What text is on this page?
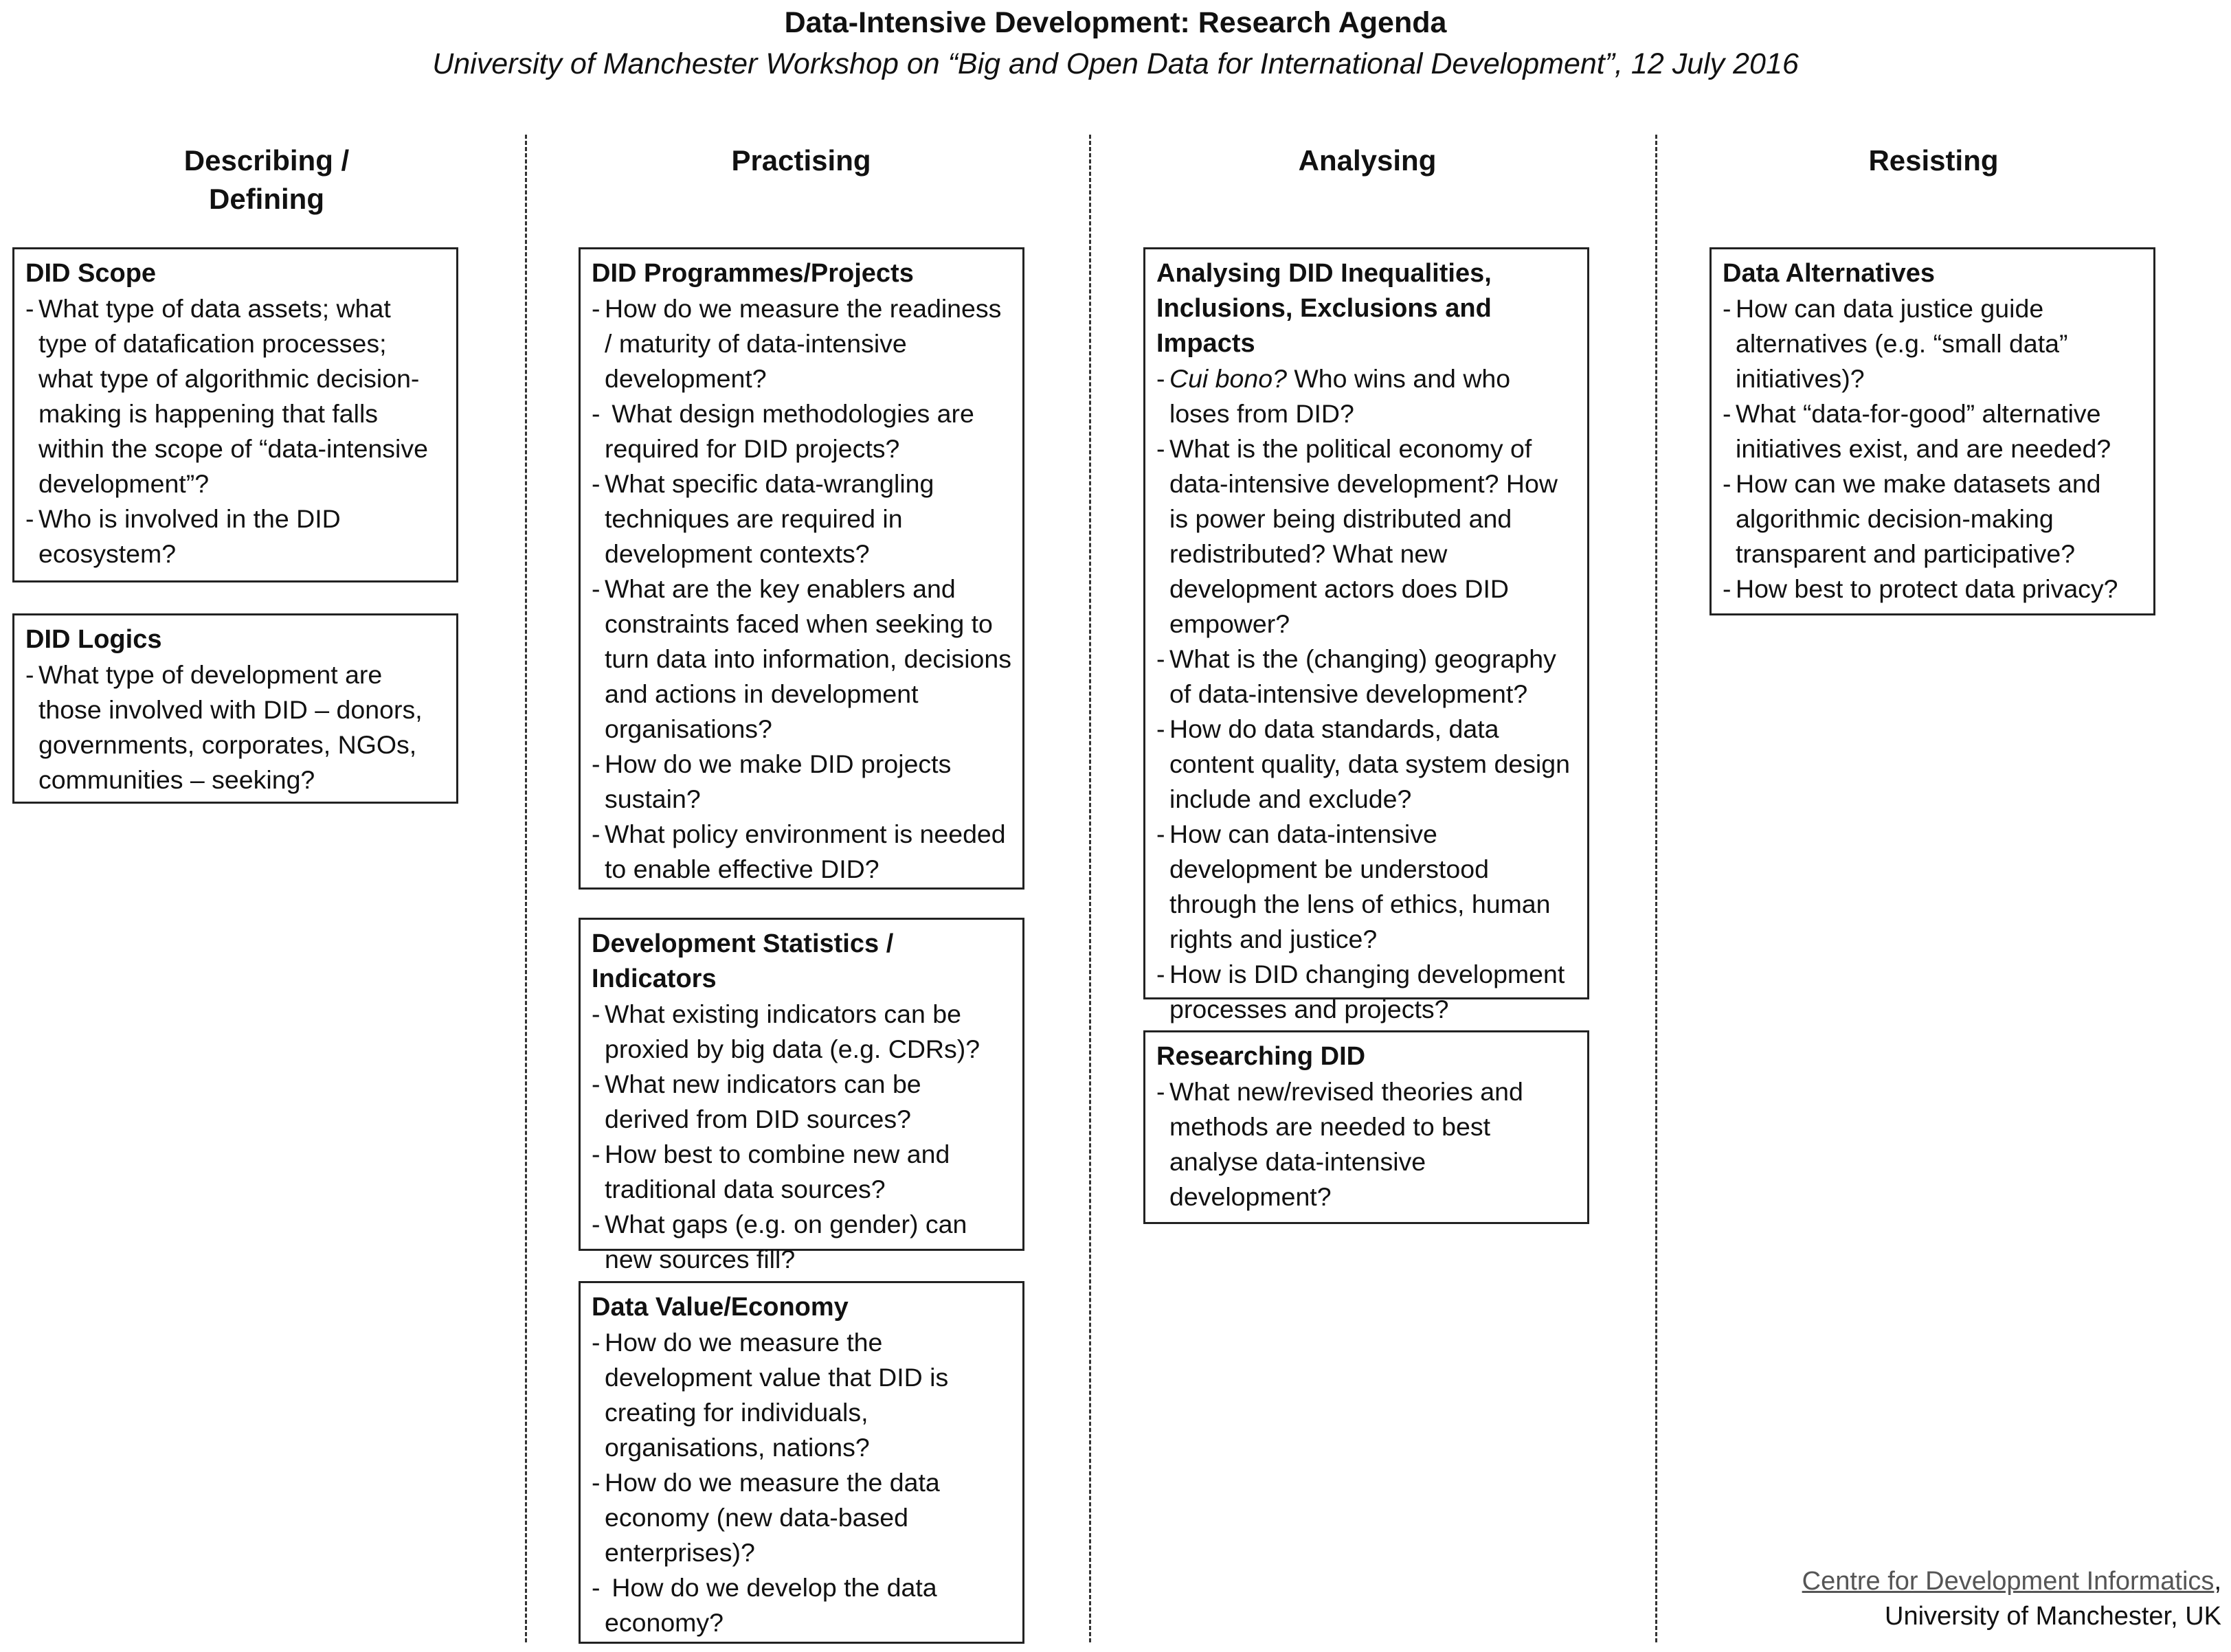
Data-Intensive Development: Research Agenda
University of Manchester Workshop on “Big and Open Data for International Development”, 12 July 2016
Describing /
Defining
Practising	Analysing	Resisting
DID Scope
- What type of data assets; what type of datafication processes; what type of algorithmic decision-making is happening that falls within the scope of “data-intensive development”?
- Who is involved in the DID ecosystem?
DID Logics
- What type of development are those involved with DID – donors, governments, corporates, NGOs, communities – seeking?
DID Programmes/Projects
- How do we measure the readiness / maturity of data-intensive development?
-  What design methodologies are required for DID projects?
- What specific data-wrangling techniques are required in development contexts?
- What are the key enablers and constraints faced when seeking to turn data into information, decisions and actions in development organisations?
- How do we make DID projects sustain?
- What policy environment is needed to enable effective DID?
Development Statistics / Indicators
- What existing indicators can be proxied by big data (e.g. CDRs)?
- What new indicators can be derived from DID sources?
- How best to combine new and traditional data sources?
- What gaps (e.g. on gender) can new sources fill?
Data Value/Economy
- How do we measure the development value that DID is creating for individuals, organisations, nations?
- How do we measure the data economy (new data-based enterprises)?
-  How do we develop the data economy?
Analysing DID Inequalities, Inclusions, Exclusions and Impacts
- Cui bono? Who wins and who loses from DID?
- What is the political economy of data-intensive development? How is power being distributed and redistributed? What new development actors does DID empower?
- What is the (changing) geography of data-intensive development?
- How do data standards, data content quality, data system design include and exclude?
- How can data-intensive development be understood through the lens of ethics, human rights and justice?
- How is DID changing development processes and projects?
Researching DID
- What new/revised theories and methods are needed to best analyse data-intensive development?
Data Alternatives
- How can data justice guide alternatives (e.g. “small data” initiatives)?
- What “data-for-good” alternative initiatives exist, and are needed?
- How can we make datasets and algorithmic decision-making transparent and participative?
- How best to protect data privacy?
Centre for Development Informatics,
University of Manchester, UK
